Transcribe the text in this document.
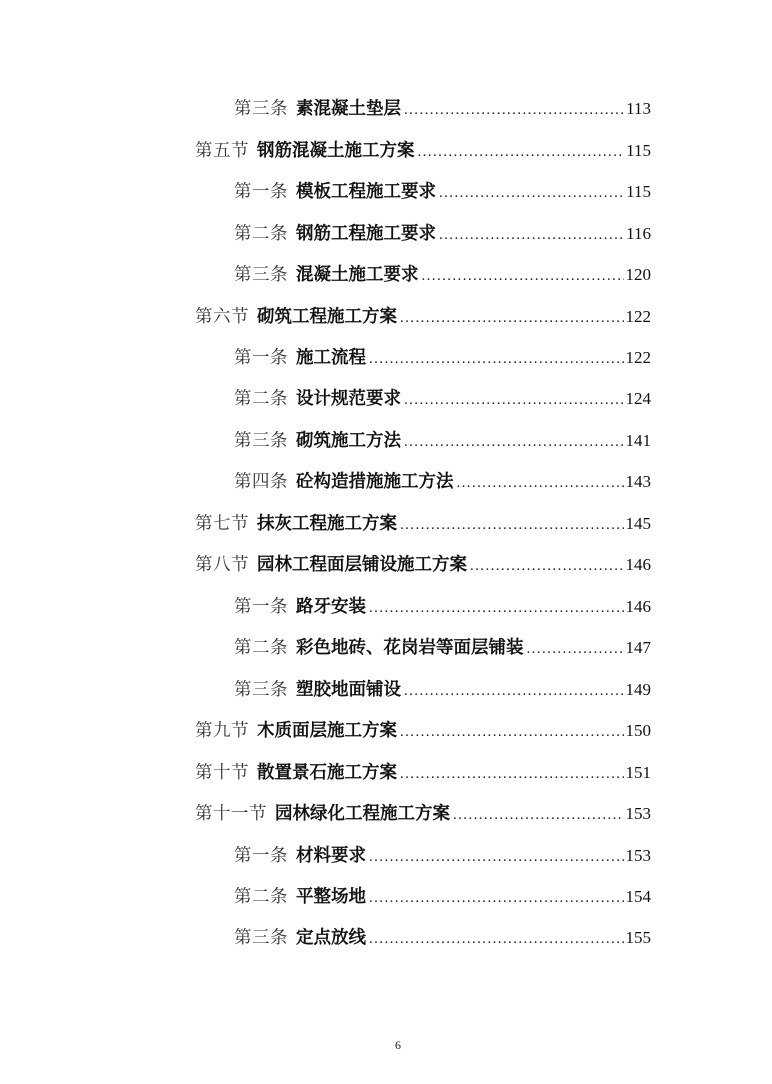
第三条 素混凝土垫层 .....	113
第五节 钢筋混凝土施工方案 .....	115
第一条 模板工程施工要求 .....	115
第二条 钢筋工程施工要求 .....	116
第三条 混凝土施工要求 .....	120
第六节 砌筑工程施工方案 .....	122
第一条 施工流程 .....	122
第二条 设计规范要求 .....	124
第三条 砌筑施工方法 .....	141
第四条 砼构造措施施工方法 .....	143
第七节 抹灰工程施工方案 .....	145
第八节 园林工程面层铺设施工方案 .....	146
第一条 路牙安装 .....	146
第二条 彩色地砖、花岗岩等面层铺装 .....	147
第三条 塑胶地面铺设 .....	149
第九节 木质面层施工方案 .....	150
第十节 散置景石施工方案 .....	151
第十一节 园林绿化工程施工方案 .....	153
第一条 材料要求 .....	153
第二条 平整场地 .....	154
第三条 定点放线 .....	155
6
